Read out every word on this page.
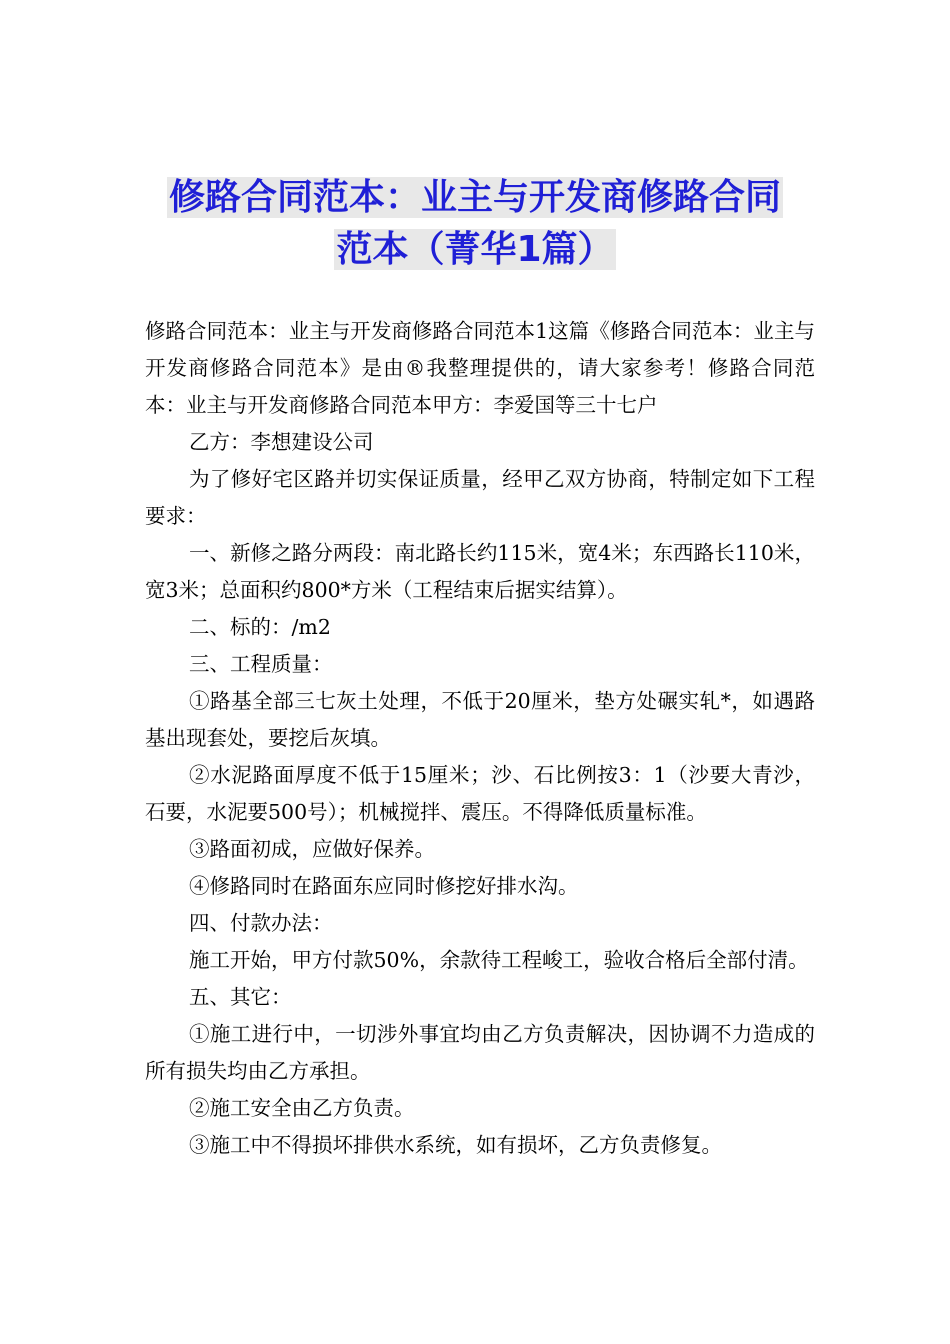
修路合同范本：业主与开发商修路合同
范本（菁华1篇）

修路合同范本：业主与开发商修路合同范本1这篇《修路合同范本：业主与开发商修路合同范本》是由®我整理提供的，请大家参考！修路合同范本：业主与开发商修路合同范本甲方：李爱国等三十七户

乙方：李想建设公司

为了修好宅区路并切实保证质量，经甲乙双方协商，特制定如下工程要求：

一、新修之路分两段：南北路长约115米，宽4米；东西路长110米，宽3米；总面积约800*方米（工程结束后据实结算）。

二、标的：/m2

三、工程质量：

①路基全部三七灰土处理，不低于20厘米，垫方处碾实轧*，如遇路基出现套处，要挖后灰填。

②水泥路面厚度不低于15厘米；沙、石比例按3：1（沙要大青沙，石要，水泥要500号）；机械搅拌、震压。不得降低质量标准。

③路面初成，应做好保养。

④修路同时在路面东应同时修挖好排水沟。

四、付款办法：

施工开始，甲方付款50%，余款待工程峻工，验收合格后全部付清。

五、其它：

①施工进行中，一切涉外事宜均由乙方负责解决，因协调不力造成的所有损失均由乙方承担。

②施工安全由乙方负责。

③施工中不得损坏排供水系统，如有损坏，乙方负责修复。
